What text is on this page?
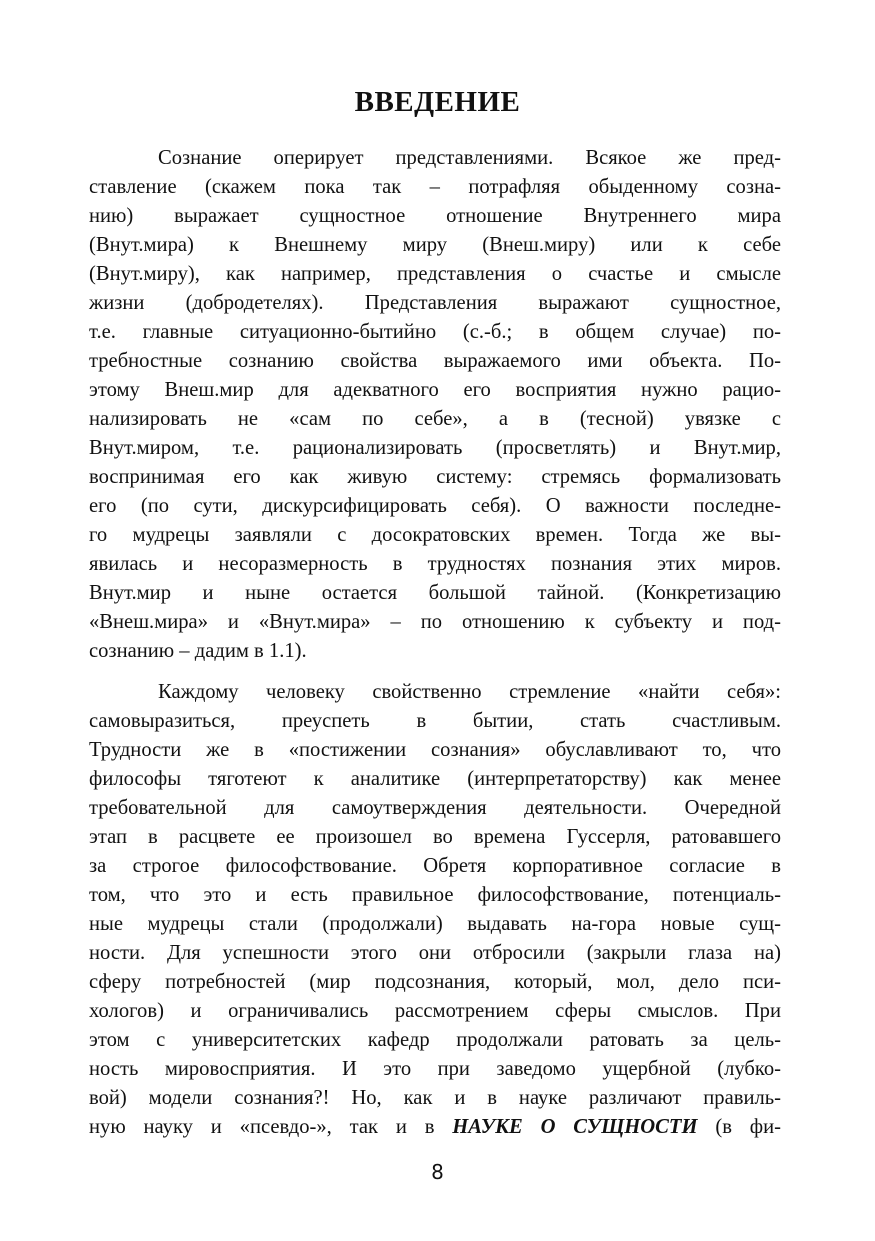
ВВЕДЕНИЕ
Сознание оперирует представлениями. Всякое же пред-
ставление (скажем пока так – потрафляя обыденному созна-
нию) выражает сущностное отношение Внутреннего мира
(Внут.мира) к Внешнему миру (Внеш.миру) или к себе
(Внут.миру), как например, представления о счастье и смысле
жизни (добродетелях). Представления выражают сущностное,
т.е. главные ситуационно-бытийно (с.-б.; в общем случае) по-
требностные сознанию свойства выражаемого ими объекта. По-
этому Внеш.мир для адекватного его восприятия нужно рацио-
нализировать не «сам по себе», а в (тесной) увязке с
Внут.миром, т.е. рационализировать (просветлять) и Внут.мир,
воспринимая его как живую систему: стремясь формализовать
его (по сути, дискурсифицировать себя). О важности последне-
го мудрецы заявляли с досократовских времен. Тогда же вы-
явилась и несоразмерность в трудностях познания этих миров.
Внут.мир и ныне остается большой тайной. (Конкретизацию
«Внеш.мира» и «Внут.мира» – по отношению к субъекту и под-
сознанию – дадим в 1.1).
Каждому человеку свойственно стремление «найти себя»:
самовыразиться, преуспеть в бытии, стать счастливым.
Трудности же в «постижении сознания» обуславливают то, что
философы тяготеют к аналитике (интерпретаторству) как менее
требовательной для самоутверждения деятельности. Очередной
этап в расцвете ее произошел во времена Гуссерля, ратовавшего
за строгое философствование. Обретя корпоративное согласие в
том, что это и есть правильное философствование, потенциаль-
ные мудрецы стали (продолжали) выдавать на-гора новые сущ-
ности. Для успешности этого они отбросили (закрыли глаза на)
сферу потребностей (мир подсознания, который, мол, дело пси-
хологов) и ограничивались рассмотрением сферы смыслов. При
этом с университетских кафедр продолжали ратовать за цель-
ность мировосприятия. И это при заведомо ущербной (лубко-
вой) модели сознания?! Но, как и в науке различают правиль-
ную науку и «псевдо-», так и в НАУКЕ О СУЩНОСТИ (в фи-
8
